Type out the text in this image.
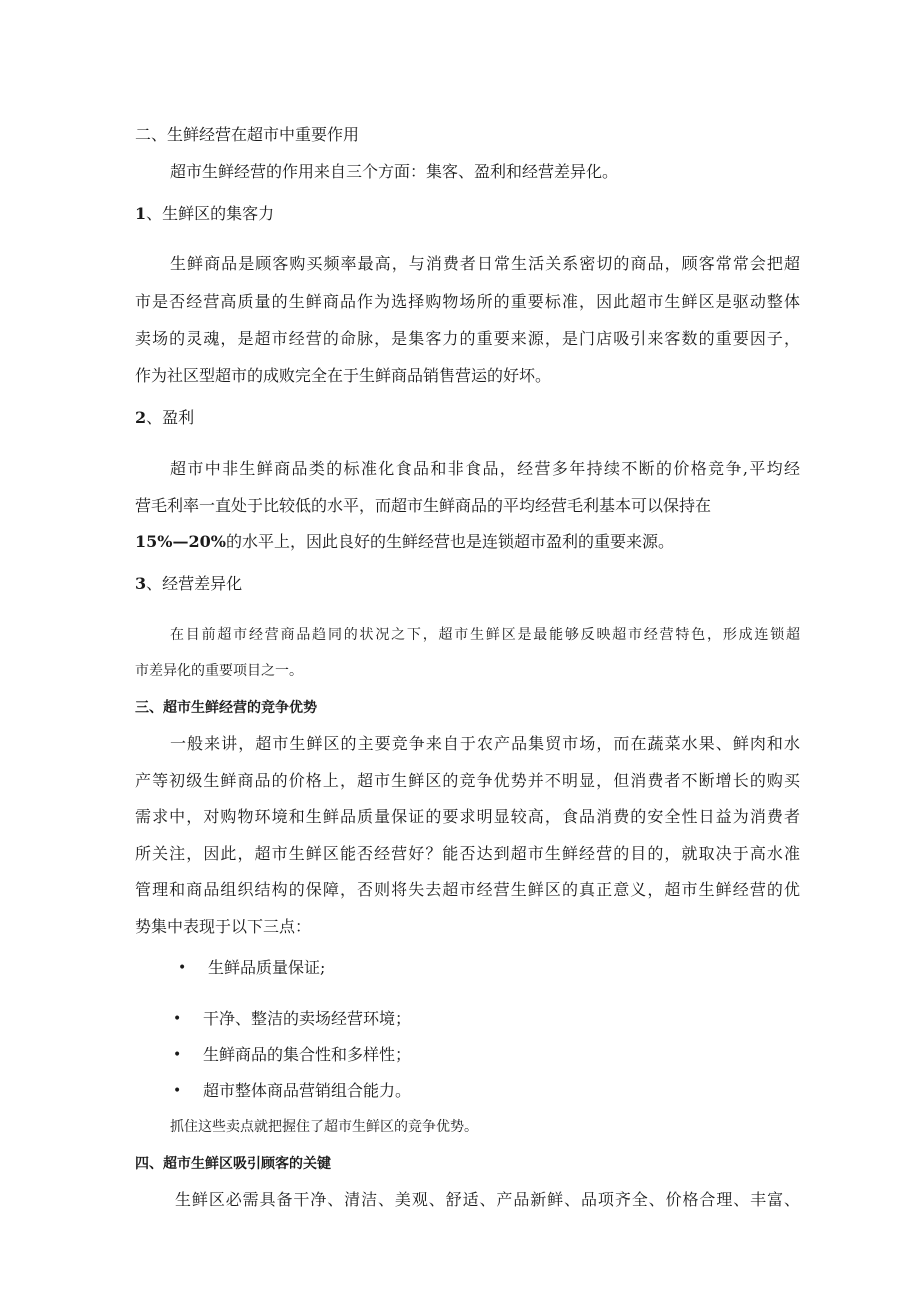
二、生鲜经营在超市中重要作用
超市生鲜经营的作用来自三个方面：集客、盈利和经营差异化。
1、生鲜区的集客力
生鲜商品是顾客购买频率最高，与消费者日常生活关系密切的商品，顾客常常会把超
市是否经营高质量的生鲜商品作为选择购物场所的重要标准，因此超市生鲜区是驱动整体
卖场的灵魂，是超市经营的命脉，是集客力的重要来源，是门店吸引来客数的重要因子，
作为社区型超市的成败完全在于生鲜商品销售营运的好坏。
2、盈利
超市中非生鲜商品类的标准化食品和非食品，经营多年持续不断的价格竞争,平均经
营毛利率一直处于比较低的水平，而超市生鲜商品的平均经营毛利基本可以保持在
15%—20%的水平上，因此良好的生鲜经营也是连锁超市盈利的重要来源。
3、经营差异化
在目前超市经营商品趋同的状况之下，超市生鲜区是最能够反映超市经营特色，形成连锁超
市差异化的重要项目之一。
三、超市生鲜经营的竞争优势
一般来讲，超市生鲜区的主要竞争来自于农产品集贸市场，而在蔬菜水果、鲜肉和水
产等初级生鲜商品的价格上，超市生鲜区的竞争优势并不明显，但消费者不断增长的购买
需求中，对购物环境和生鲜品质量保证的要求明显较高，食品消费的安全性日益为消费者
所关注，因此，超市生鲜区能否经营好？能否达到超市生鲜经营的目的，就取决于高水准
管理和商品组织结构的保障，否则将失去超市经营生鲜区的真正意义，超市生鲜经营的优
势集中表现于以下三点：
• 生鲜品质量保证;
• 干净、整洁的卖场经营环境；
• 生鲜商品的集合性和多样性；
• 超市整体商品营销组合能力。
抓住这些卖点就把握住了超市生鲜区的竞争优势。
四、超市生鲜区吸引顾客的关键
生鲜区必需具备干净、清洁、美观、舒适、产品新鲜、品项齐全、价格合理、丰富、
